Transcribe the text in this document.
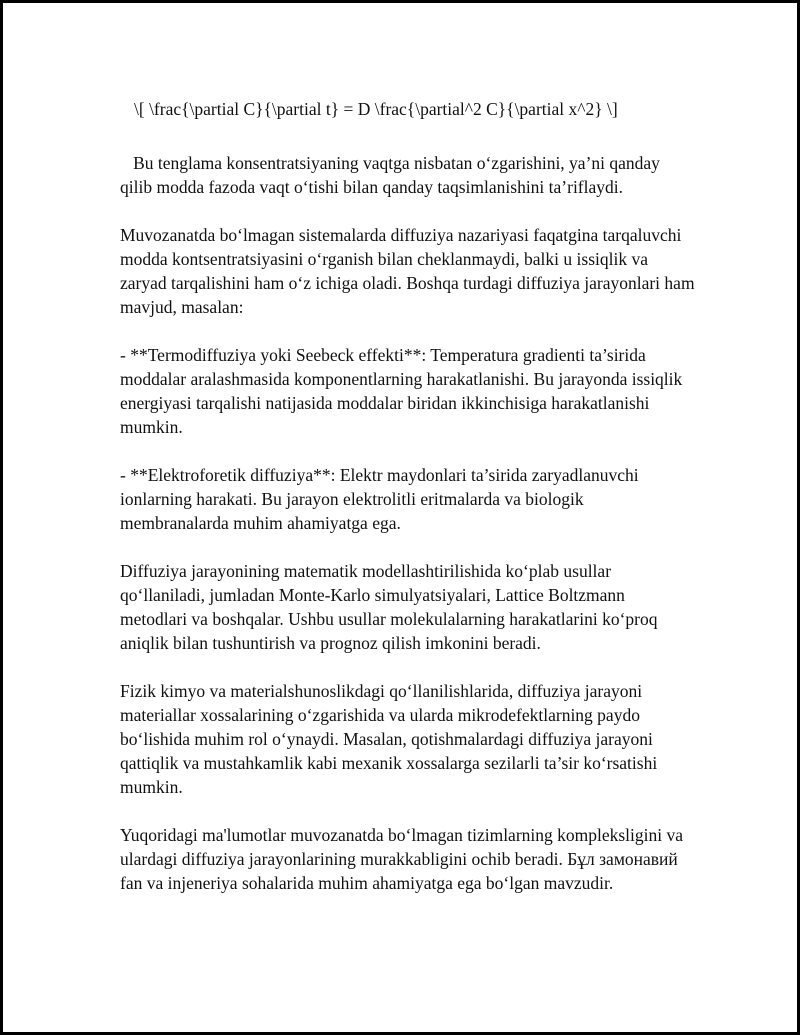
\[ \frac{\partial C}{\partial t} = D \frac{\partial^2 C}{\partial x^2} \]

Bu tenglama konsentratsiyaning vaqtga nisbatan oʻzgarishini, ya’ni qanday qilib modda fazoda vaqt oʻtishi bilan qanday taqsimlanishini ta’riflaydi.

Muvozanatda boʻlmagan sistemalarda diffuziya nazariyasi faqatgina tarqaluvchi modda kontsentratsiyasini oʻrganish bilan cheklanmaydi, balki u issiqlik va zaryad tarqalishini ham oʻz ichiga oladi. Boshqa turdagi diffuziya jarayonlari ham mavjud, masalan:

- **Termodiffuziya yoki Seebeck effekti**: Temperatura gradienti ta’sirida moddalar aralashmasida komponentlarning harakatlanishi. Bu jarayonda issiqlik energiyasi tarqalishi natijasida moddalar biridan ikkinchisiga harakatlanishi mumkin.

- **Elektroforetik diffuziya**: Elektr maydonlari ta’sirida zaryadlanuvchi ionlarning harakati. Bu jarayon elektrolitli eritmalarda va biologik membranalarda muhim ahamiyatga ega.

Diffuziya jarayonining matematik modellashtirilishida koʻplab usullar qoʻllaniladi, jumladan Monte-Karlo simulyatsiyalari, Lattice Boltzmann metodlari va boshqalar. Ushbu usullar molekulalarning harakatlarini koʻproq aniqlik bilan tushuntirish va prognoz qilish imkonini beradi.

Fizik kimyo va materialshunoslikdagi qoʻllanilishlarida, diffuziya jarayoni materiallar xossalarining oʻzgarishida va ularda mikrodefektlarning paydo boʻlishida muhim rol oʻynaydi. Masalan, qotishmalardagi diffuziya jarayoni qattiqlik va mustahkamlik kabi mexanik xossalarga sezilarli ta’sir koʻrsatishi mumkin.

Yuqoridagi ma'lumotlar muvozanatda boʻlmagan tizimlarning kompleksligini va ulardagi diffuziya jarayonlarining murakkabligini ochib beradi. Бұл замонавий fan va injeneriya sohalarida muhim ahamiyatga ega boʻlgan mavzudir.
